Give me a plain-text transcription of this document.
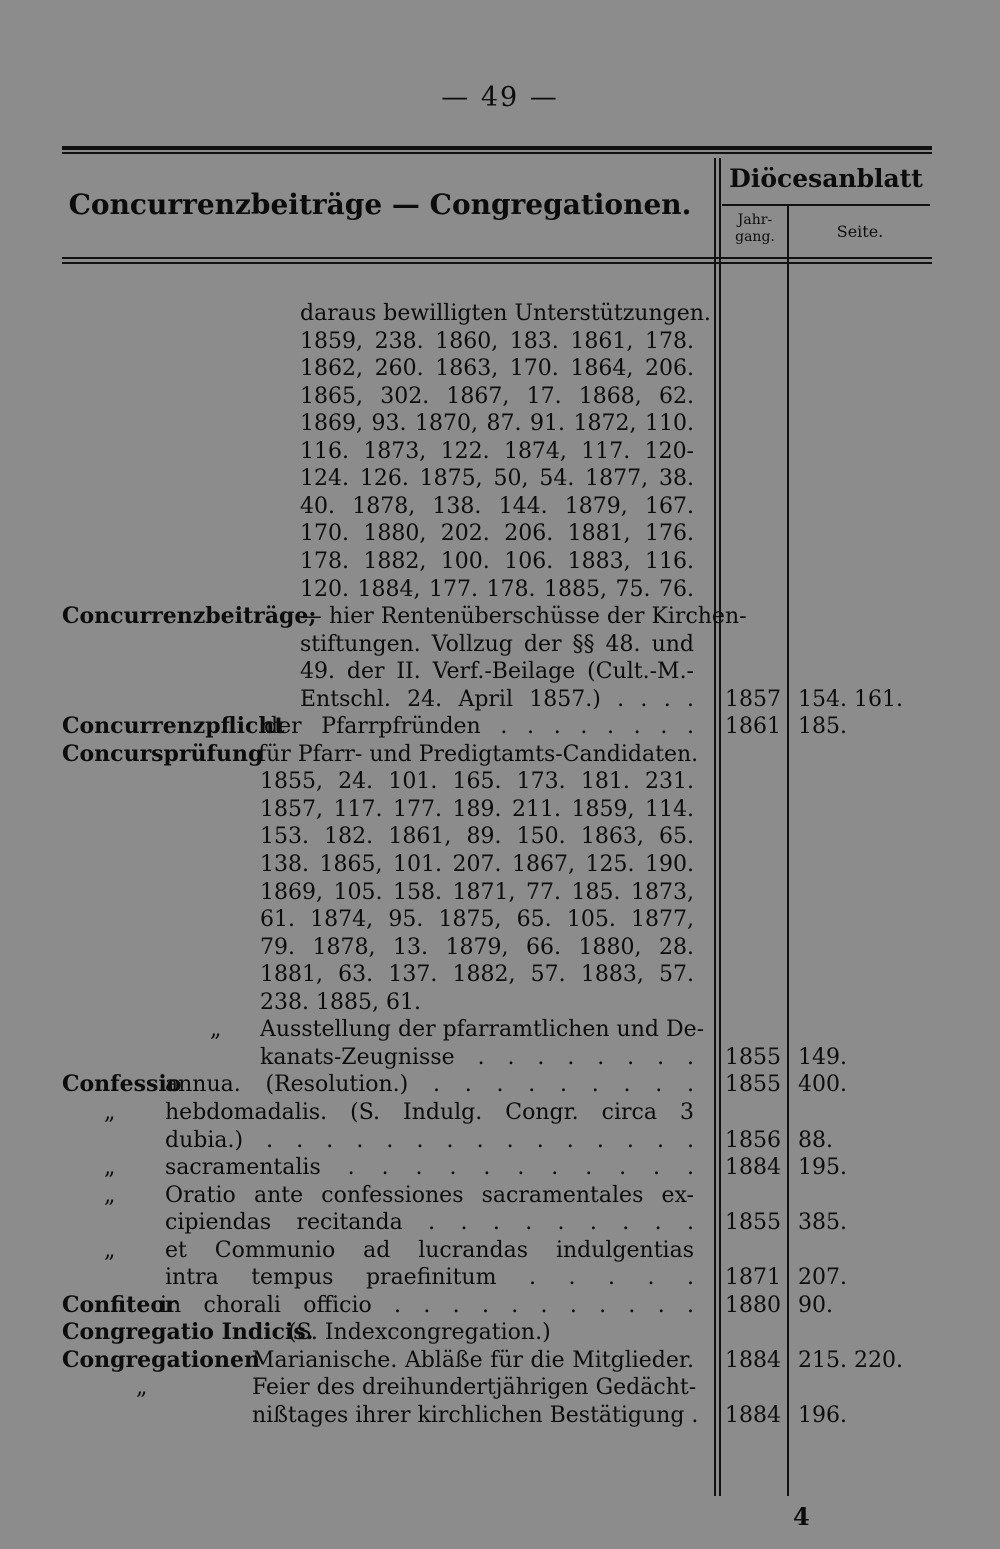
— 49 —
Concurrenzbeiträge — Congregationen.
Diöcesanblatt
Jahr-
gang.	Seite.
daraus bewilligten Unterstützungen.
1859, 238. 1860, 183. 1861, 178.
1862, 260. 1863, 170. 1864, 206.
1865, 302. 1867, 17. 1868, 62.
1869, 93. 1870, 87. 91. 1872, 110.
116. 1873, 122. 1874, 117. 120-
124. 126. 1875, 50, 54. 1877, 38.
40. 1878, 138. 144. 1879, 167.
170. 1880, 202. 206. 1881, 176.
178. 1882, 100. 106. 1883, 116.
120. 1884, 177. 178. 1885, 75. 76.
Concurrenzbeiträge;
— hier Rentenüberschüsse der Kirchen-
stiftungen. Vollzug der §§ 48. und
49. der II. Verf.-Beilage (Cult.-M.-
Entschl. 24. April 1857.) . . . . 1857 154. 161.
Concurrenzpflicht
der Pfarrpfründen . . . . . . . . 1861 185.
Concursprüfung
für Pfarr- und Predigtamts-Candidaten.
1855, 24. 101. 165. 173. 181. 231.
1857, 117. 177. 189. 211. 1859, 114.
153. 182. 1861, 89. 150. 1863, 65.
138. 1865, 101. 207. 1867, 125. 190.
1869, 105. 158. 1871, 77. 185. 1873,
61. 1874, 95. 1875, 65. 105. 1877,
79. 1878, 13. 1879, 66. 1880, 28.
1881, 63. 137. 1882, 57. 1883, 57.
238. 1885, 61.
„ Ausstellung der pfarramtlichen und De-
kanats-Zeugnisse . . . . . . . . 1855 149.
Confessio
annua. (Resolution.) . . . . . . . . . 1855 400.
„ hebdomadalis. (S. Indulg. Congr. circa 3
dubia.) . . . . . . . . . . . . . . . 1856 88.
„ sacramentalis . . . . . . . . . . . 1884 195.
„ Oratio ante confessiones sacramentales ex-
cipiendas recitanda . . . . . . . . . 1855 385.
„ et Communio ad lucrandas indulgentias
intra tempus praefinitum . . . . . 1871 207.
Confiteor
in chorali officio . . . . . . . . . . . 1880 90.
Congregatio Indicis.
(S. Indexcongregation.)
Congregationen
Marianische. Abläße für die Mitglieder. 1884 215. 220.
„	Feier des dreihundertjährigen Gedächt-
nißtages ihrer kirchlichen Bestätigung . 1884 196.
4
